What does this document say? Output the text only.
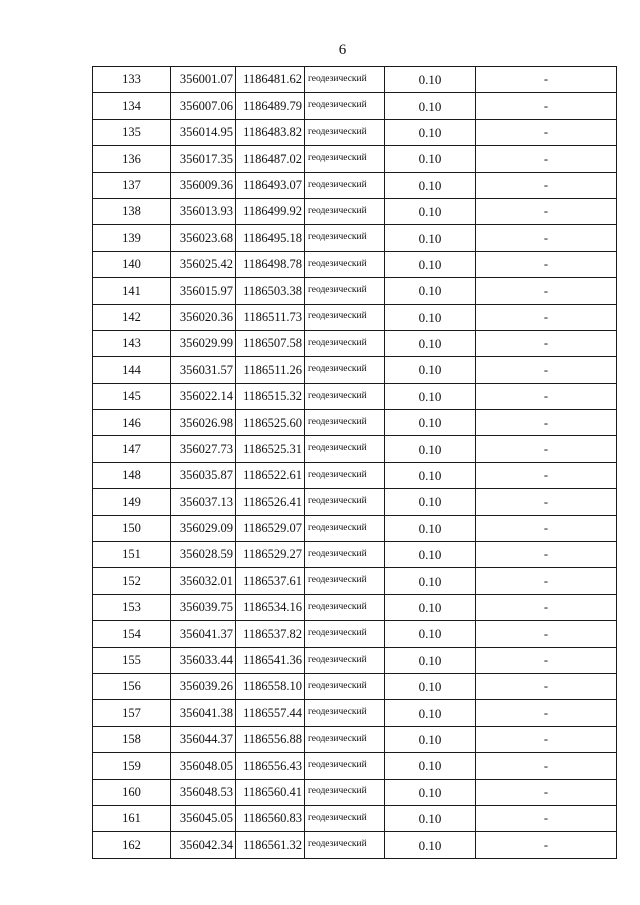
6
133	356001.07	1186481.62	геодезический	0.10	-
134	356007.06	1186489.79	геодезический	0.10	-
135	356014.95	1186483.82	геодезический	0.10	-
136	356017.35	1186487.02	геодезический	0.10	-
137	356009.36	1186493.07	геодезический	0.10	-
138	356013.93	1186499.92	геодезический	0.10	-
139	356023.68	1186495.18	геодезический	0.10	-
140	356025.42	1186498.78	геодезический	0.10	-
141	356015.97	1186503.38	геодезический	0.10	-
142	356020.36	1186511.73	геодезический	0.10	-
143	356029.99	1186507.58	геодезический	0.10	-
144	356031.57	1186511.26	геодезический	0.10	-
145	356022.14	1186515.32	геодезический	0.10	-
146	356026.98	1186525.60	геодезический	0.10	-
147	356027.73	1186525.31	геодезический	0.10	-
148	356035.87	1186522.61	геодезический	0.10	-
149	356037.13	1186526.41	геодезический	0.10	-
150	356029.09	1186529.07	геодезический	0.10	-
151	356028.59	1186529.27	геодезический	0.10	-
152	356032.01	1186537.61	геодезический	0.10	-
153	356039.75	1186534.16	геодезический	0.10	-
154	356041.37	1186537.82	геодезический	0.10	-
155	356033.44	1186541.36	геодезический	0.10	-
156	356039.26	1186558.10	геодезический	0.10	-
157	356041.38	1186557.44	геодезический	0.10	-
158	356044.37	1186556.88	геодезический	0.10	-
159	356048.05	1186556.43	геодезический	0.10	-
160	356048.53	1186560.41	геодезический	0.10	-
161	356045.05	1186560.83	геодезический	0.10	-
162	356042.34	1186561.32	геодезический	0.10	-
